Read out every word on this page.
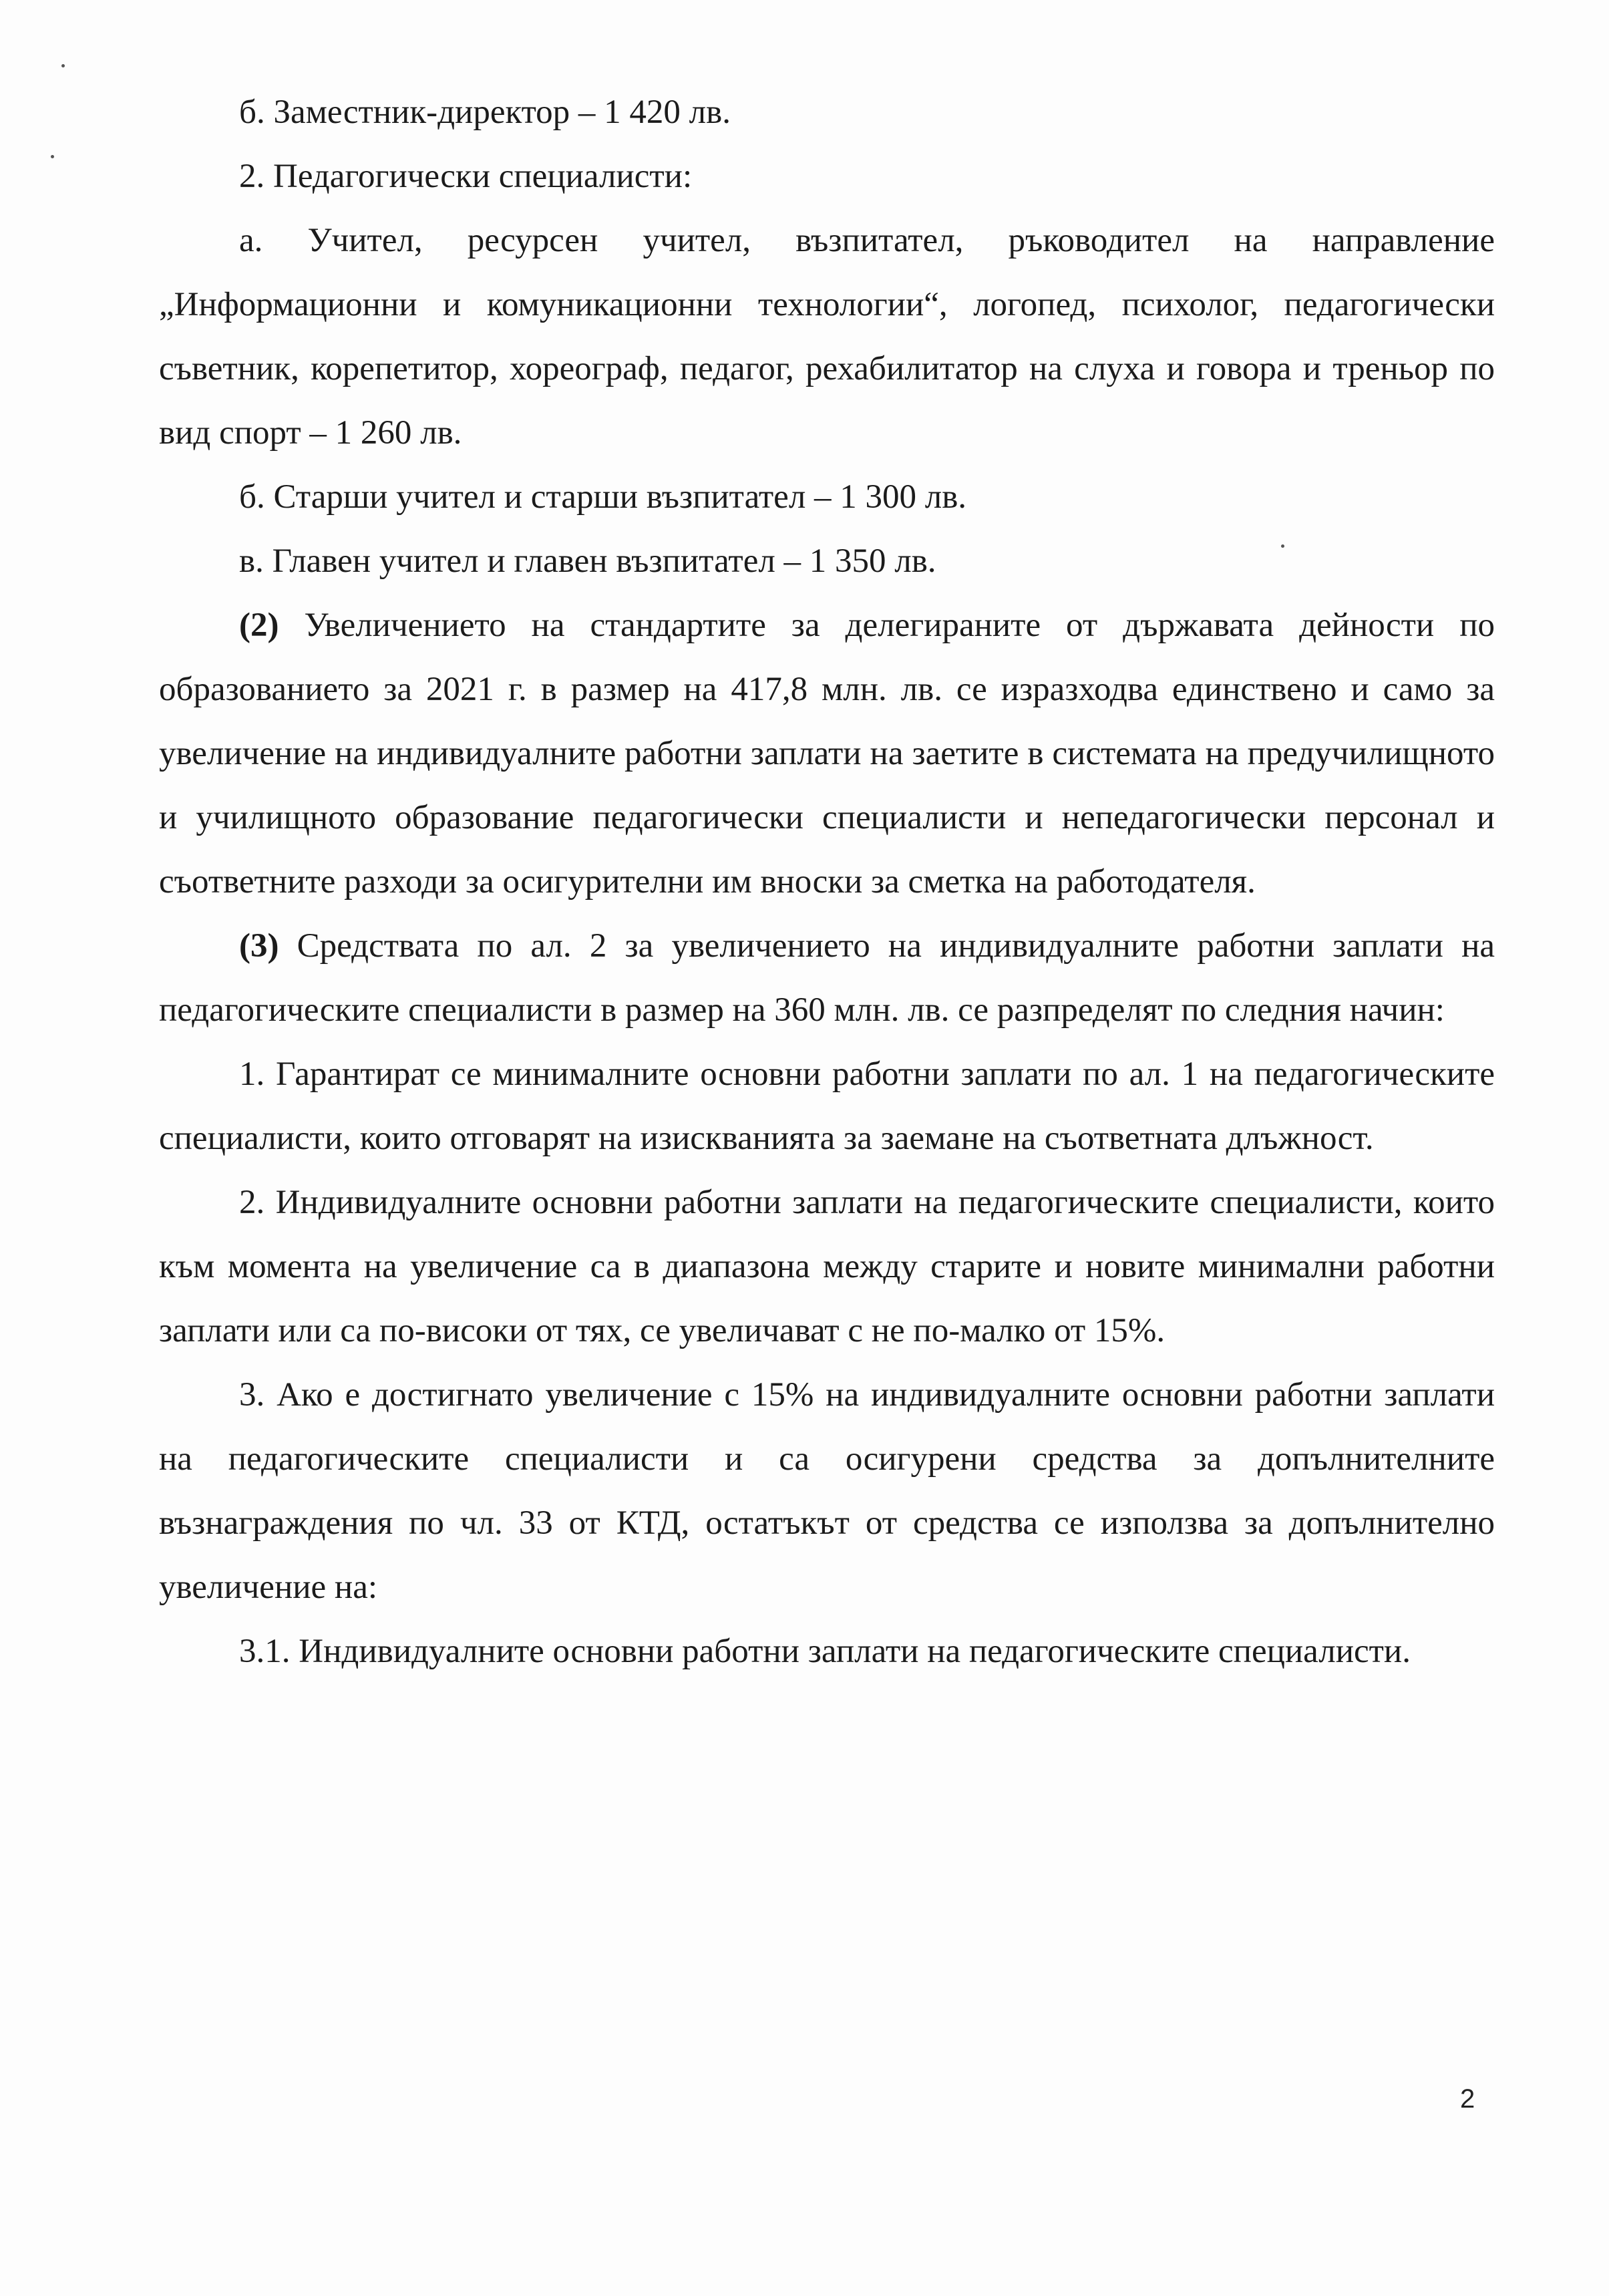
б. Заместник-директор – 1 420 лв.

2. Педагогически специалисти:

а. Учител, ресурсен учител, възпитател, ръководител на направление „Информационни и комуникационни технологии“, логопед, психолог, педагогически съветник, корепетитор, хореограф, педагог, рехабилитатор на слуха и говора и треньор по вид спорт – 1 260 лв.

б. Старши учител и старши възпитател – 1 300 лв.

в. Главен учител и главен възпитател – 1 350 лв.

(2) Увеличението на стандартите за делегираните от държавата дейности по образованието за 2021 г. в размер на 417,8 млн. лв. се изразходва единствено и само за увеличение на индивидуалните работни заплати на заетите в системата на предучилищното и училищното образование педагогически специалисти и непедагогически персонал и съответните разходи за осигурителни им вноски за сметка на работодателя.

(3) Средствата по ал. 2 за увеличението на индивидуалните работни заплати на педагогическите специалисти в размер на 360 млн. лв. се разпределят по следния начин:

1. Гарантират се минималните основни работни заплати по ал. 1 на педагогическите специалисти, които отговарят на изискванията за заемане на съответната длъжност.

2. Индивидуалните основни работни заплати на педагогическите специалисти, които към момента на увеличение са в диапазона между старите и новите минимални работни заплати или са по-високи от тях, се увеличават с не по-малко от 15%.

3. Ако е достигнато увеличение с 15% на индивидуалните основни работни заплати на педагогическите специалисти и са осигурени средства за допълнителните възнаграждения по чл. 33 от КТД, остатъкът от средства се използва за допълнително увеличение на:

3.1. Индивидуалните основни работни заплати на педагогическите специалисти.

2
